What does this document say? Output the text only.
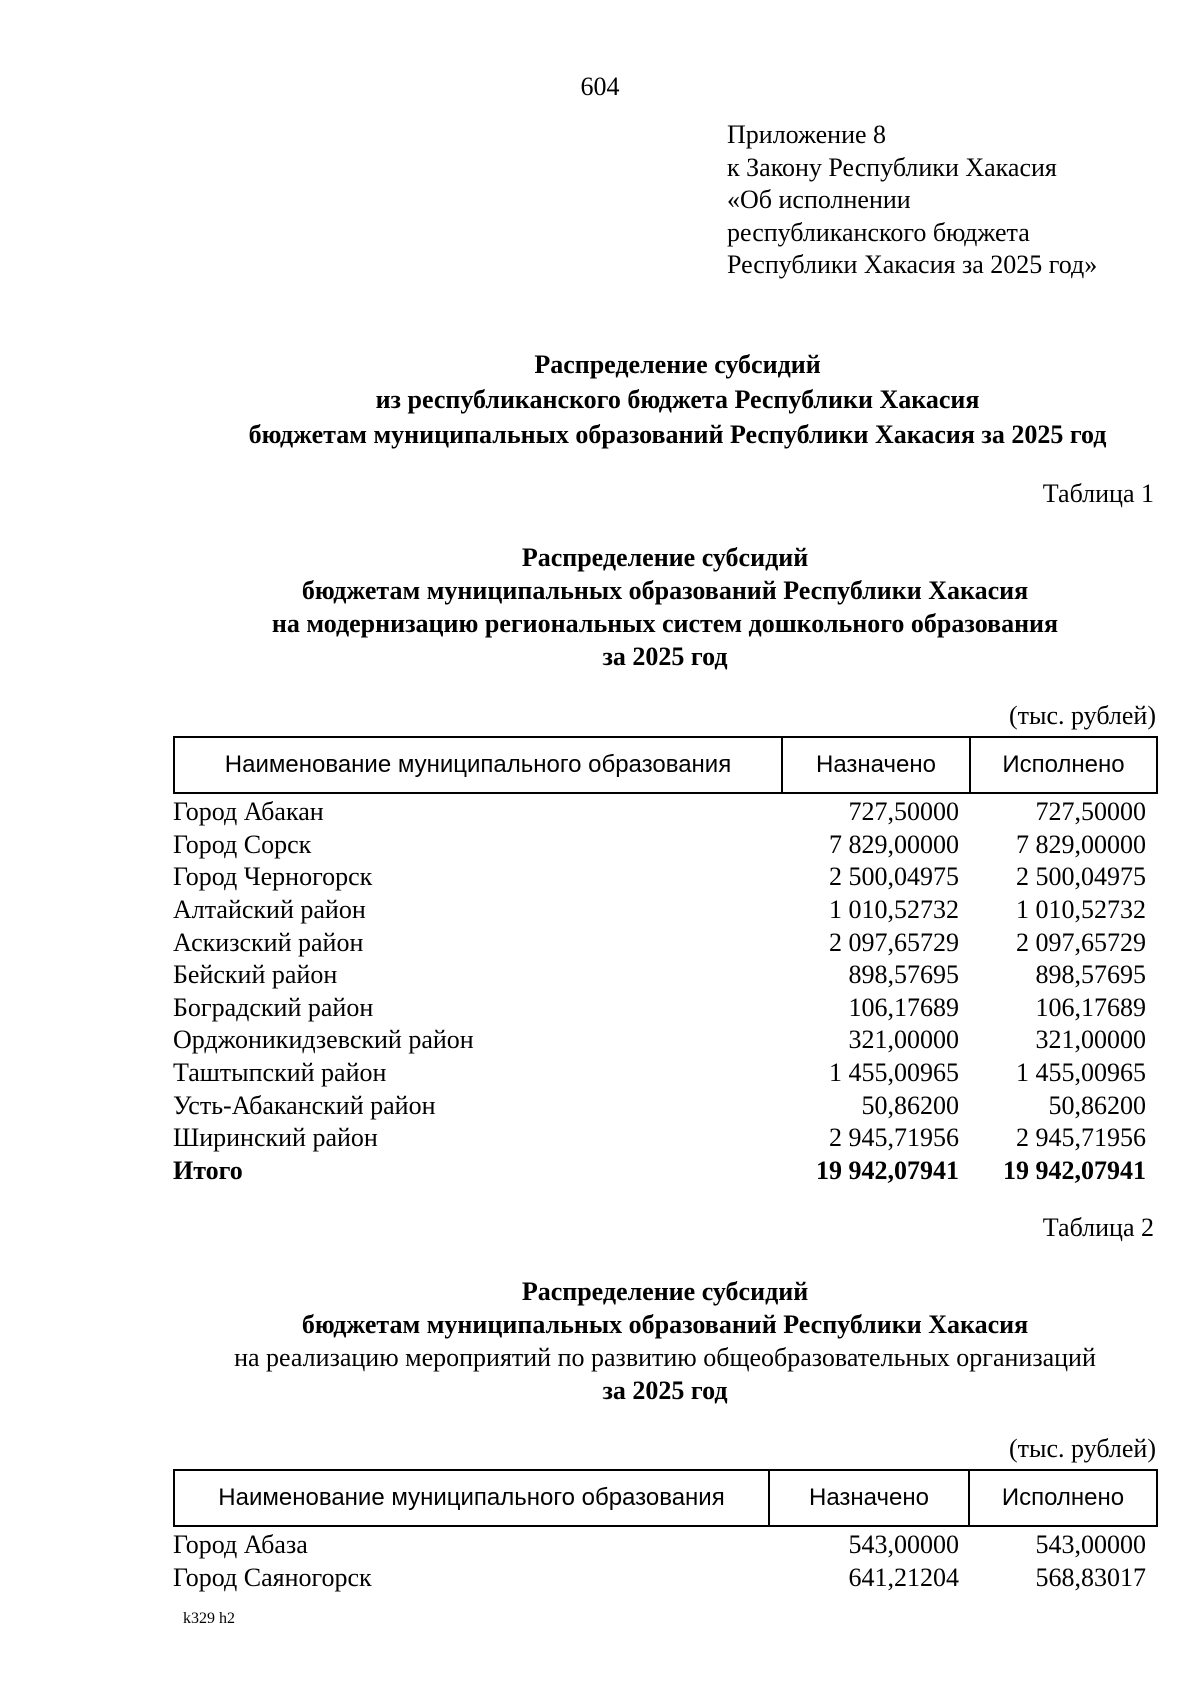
604
Приложение 8
к Закону Республики Хакасия
«Об исполнении
республиканского бюджета
Республики Хакасия за 2025 год»
Распределение субсидий
из республиканского бюджета Республики Хакасия
бюджетам муниципальных образований Республики Хакасия за 2025 год
Таблица 1
Распределение субсидий
бюджетам муниципальных образований Республики Хакасия
на модернизацию региональных систем дошкольного образования
за 2025 год
(тыс. рублей)
Наименование муниципального образования	Назначено	Исполнено
Город Абакан	727,50000	727,50000
Город Сорск	7 829,00000	7 829,00000
Город Черногорск	2 500,04975	2 500,04975
Алтайский район	1 010,52732	1 010,52732
Аскизский район	2 097,65729	2 097,65729
Бейский район	898,57695	898,57695
Боградский район	106,17689	106,17689
Орджоникидзевский район	321,00000	321,00000
Таштыпский район	1 455,00965	1 455,00965
Усть-Абаканский район	50,86200	50,86200
Ширинский район	2 945,71956	2 945,71956
Итого	19 942,07941	19 942,07941
Таблица 2
Распределение субсидий
бюджетам муниципальных образований Республики Хакасия
на реализацию мероприятий по развитию общеобразовательных организаций
за 2025 год
(тыс. рублей)
Наименование муниципального образования	Назначено	Исполнено
Город Абаза	543,00000	543,00000
Город Саяногорск	641,21204	568,83017
k329 h2
